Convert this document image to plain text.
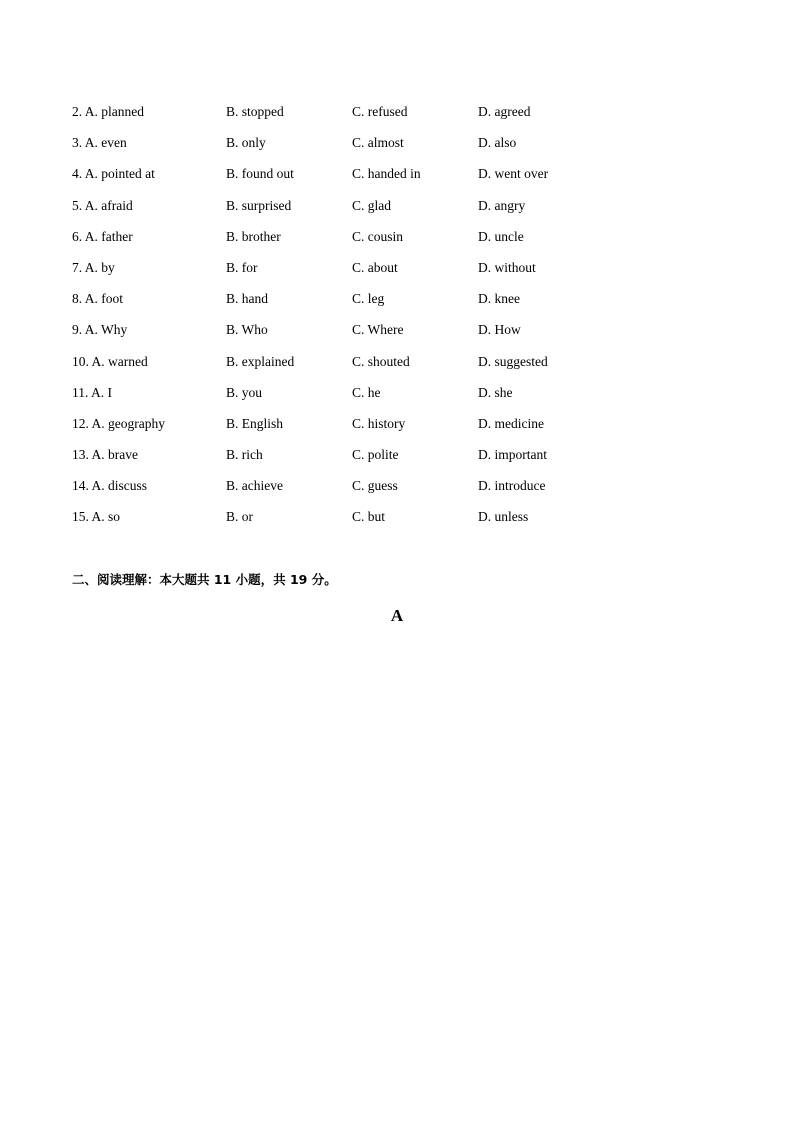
2. A. planned	B. stopped	C. refused	D. agreed
3. A. even	B. only	C. almost	D. also
4. A. pointed at	B. found out	C. handed in	D. went over
5. A. afraid	B. surprised	C. glad	D. angry
6. A. father	B. brother	C. cousin	D. uncle
7. A. by	B. for	C. about	D. without
8. A. foot	B. hand	C. leg	D. knee
9. A. Why	B. Who	C. Where	D. How
10. A. warned	B. explained	C. shouted	D. suggested
11. A. I	B. you	C. he	D. she
12. A. geography	B. English	C. history	D. medicine
13. A. brave	B. rich	C. polite	D. important
14. A. discuss	B. achieve	C. guess	D. introduce
15. A. so	B. or	C. but	D. unless
二、阅读理解：本大题共 11 小题，共 19 分。
A
